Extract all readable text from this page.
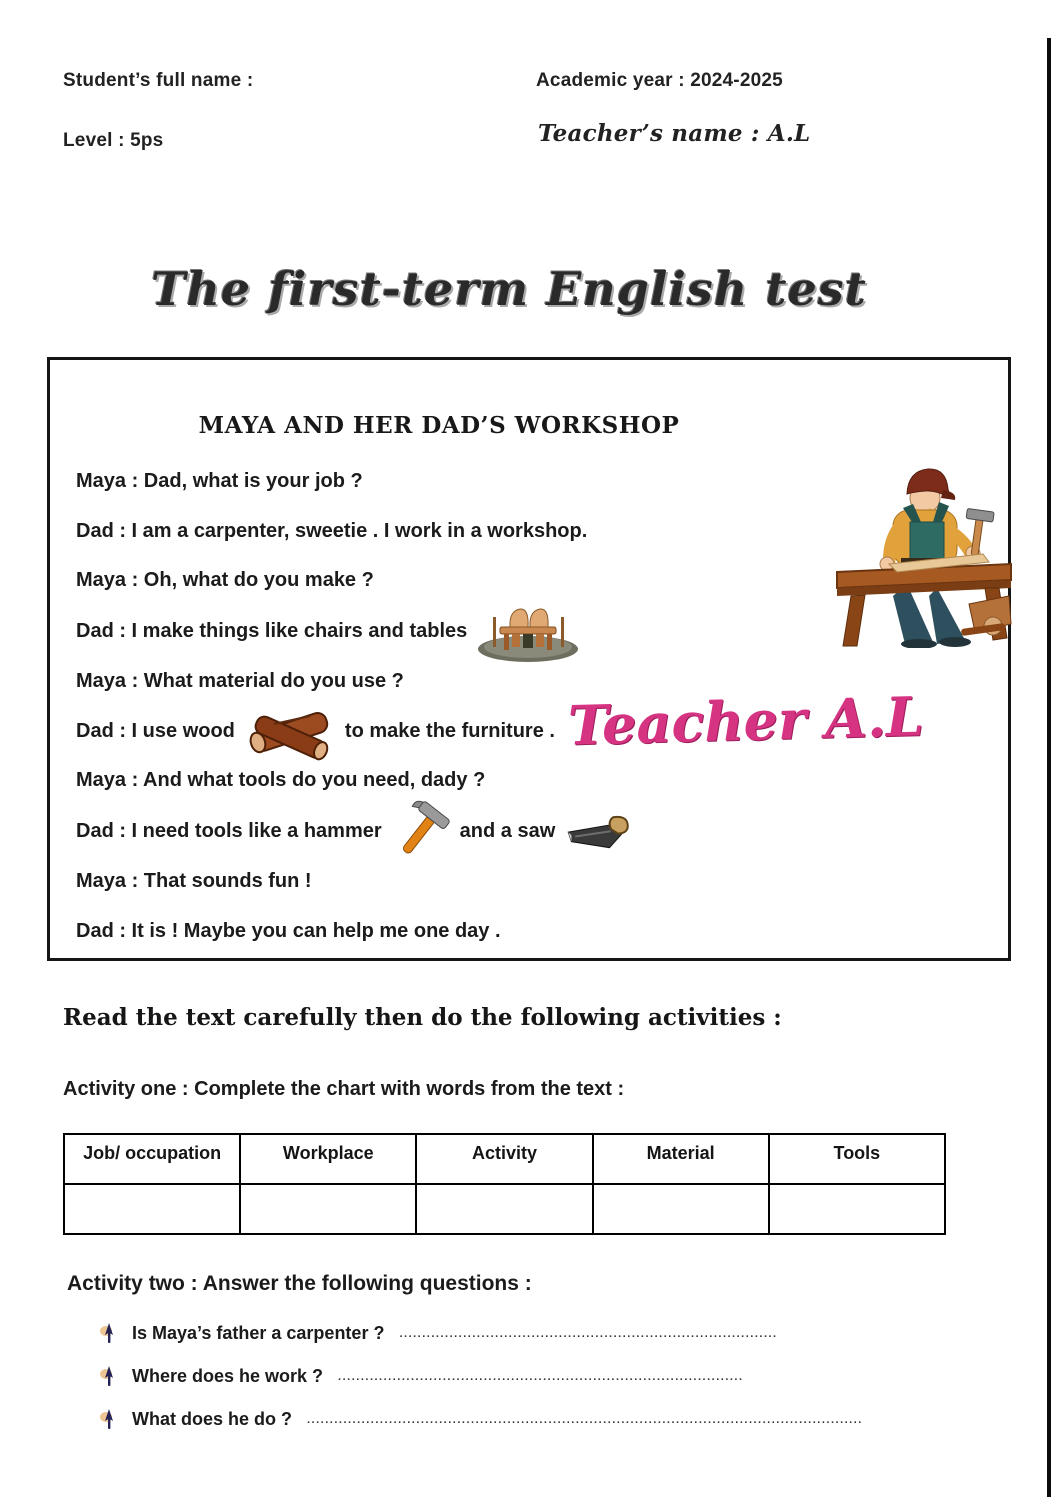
Student’s full name :	Academic year : 2024-2025
Level : 5ps	Teacher’s name : A.L
The first-term English test
MAYA AND HER DAD’S WORKSHOP
Maya : Dad, what is your job ?
Dad : I am a carpenter, sweetie . I work in a workshop.
Maya : Oh, what do you make ?
Dad : I make things like chairs and tables
Maya : What material do you use ?
Dad : I use wood	to make the furniture .
Maya : And what tools do you need, dady ?
Dad : I need tools like a hammer	and a saw
Maya : That sounds fun !
Dad : It is ! Maybe you can help me one day .
Teacher A.L
Read the text carefully then do the following activities :
Activity one : Complete the chart with words from the text :
Job/ occupation	Workplace	Activity	Material	Tools

Activity two : Answer the following questions :
Is Maya’s father a carpenter ? ...................................................................................
Where does he work ? .........................................................................................
What does he do ? ..........................................................................................................................
